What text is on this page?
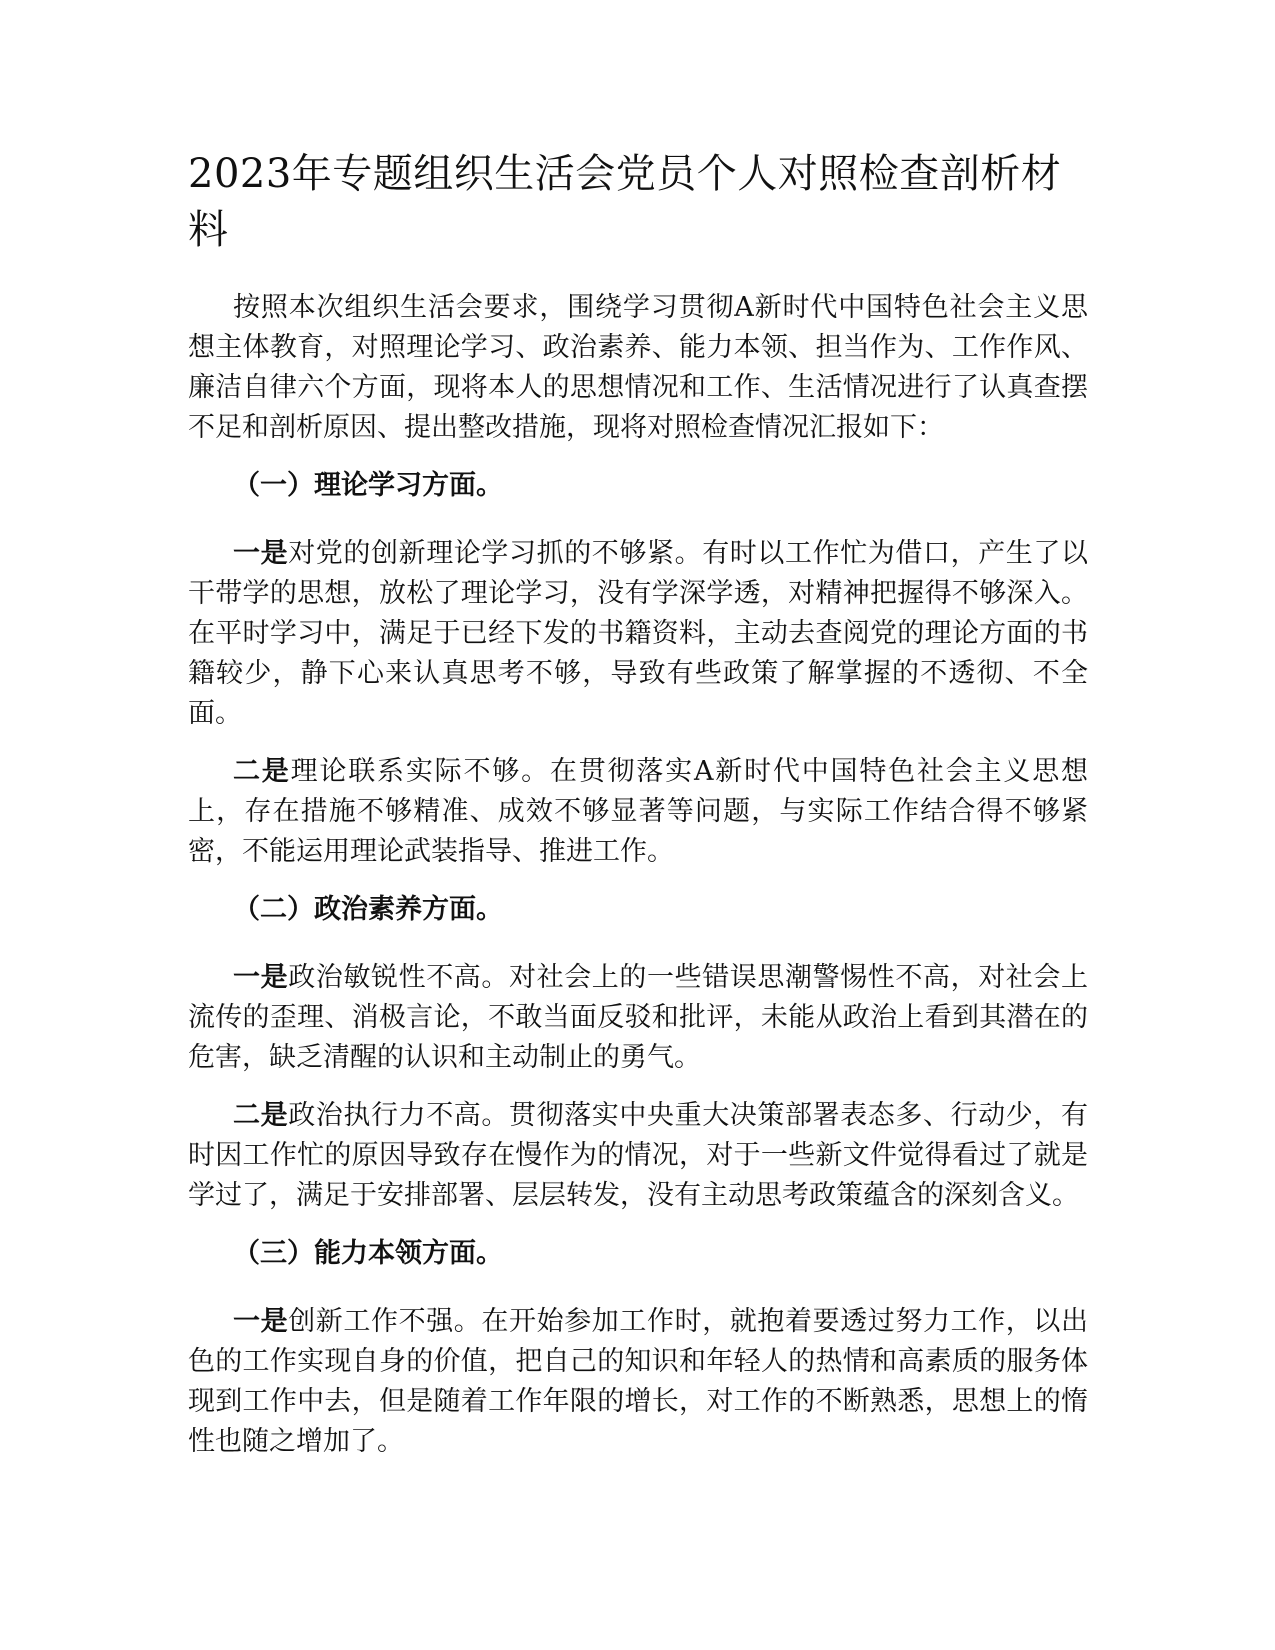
2023年专题组织生活会党员个人对照检查剖析材料

按照本次组织生活会要求，围绕学习贯彻A新时代中国特色社会主义思想主体教育，对照理论学习、政治素养、能力本领、担当作为、工作作风、廉洁自律六个方面，现将本人的思想情况和工作、生活情况进行了认真查摆不足和剖析原因、提出整改措施，现将对照检查情况汇报如下：

（一）理论学习方面。

一是对党的创新理论学习抓的不够紧。有时以工作忙为借口，产生了以干带学的思想，放松了理论学习，没有学深学透，对精神把握得不够深入。在平时学习中，满足于已经下发的书籍资料，主动去查阅党的理论方面的书籍较少，静下心来认真思考不够，导致有些政策了解掌握的不透彻、不全面。

二是理论联系实际不够。在贯彻落实A新时代中国特色社会主义思想上，存在措施不够精准、成效不够显著等问题，与实际工作结合得不够紧密，不能运用理论武装指导、推进工作。

（二）政治素养方面。

一是政治敏锐性不高。对社会上的一些错误思潮警惕性不高，对社会上流传的歪理、消极言论，不敢当面反驳和批评，未能从政治上看到其潜在的危害，缺乏清醒的认识和主动制止的勇气。

二是政治执行力不高。贯彻落实中央重大决策部署表态多、行动少，有时因工作忙的原因导致存在慢作为的情况，对于一些新文件觉得看过了就是学过了，满足于安排部署、层层转发，没有主动思考政策蕴含的深刻含义。

（三）能力本领方面。

一是创新工作不强。在开始参加工作时，就抱着要透过努力工作，以出色的工作实现自身的价值，把自己的知识和年轻人的热情和高素质的服务体现到工作中去，但是随着工作年限的增长，对工作的不断熟悉，思想上的惰性也随之增加了。
